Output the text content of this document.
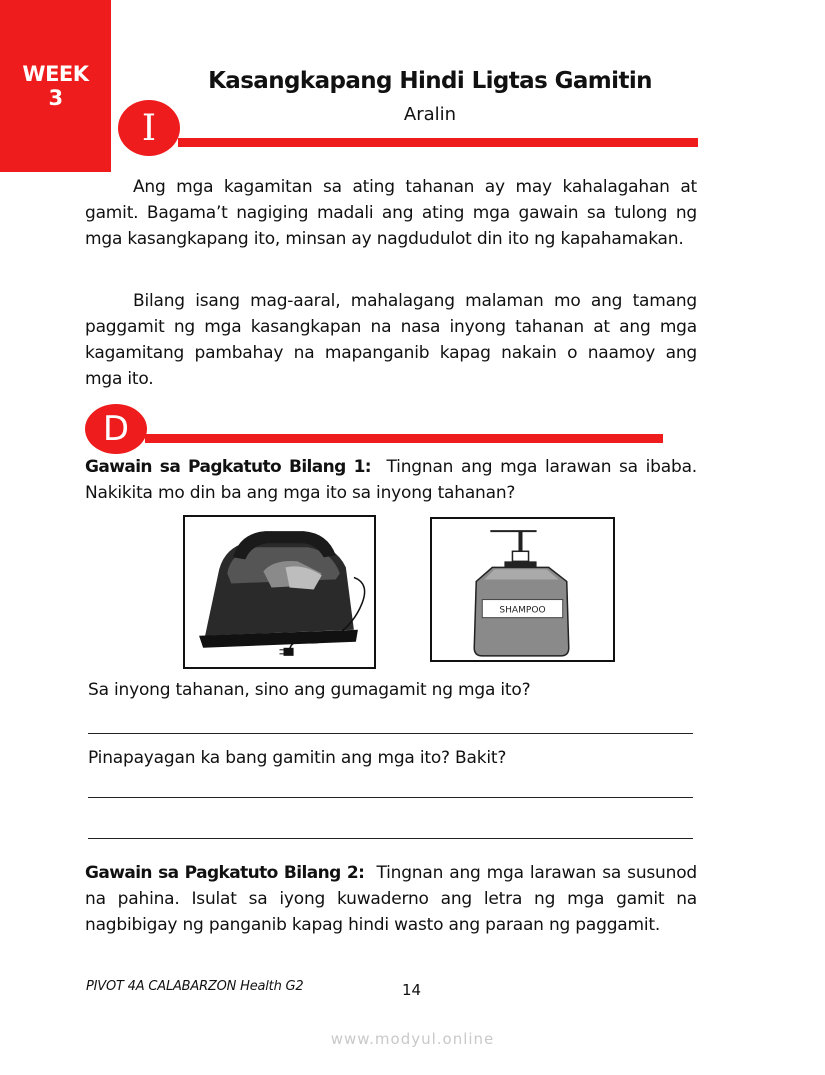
WEEK
3
Kasangkapang Hindi Ligtas Gamitin
Aralin
I

Ang mga kagamitan sa ating tahanan ay may kahalagahan at gamit. Bagama’t nagiging madali ang ating mga gawain sa tulong ng mga kasangkapang ito, minsan ay nagdudulot din ito ng kapahamakan.

Bilang isang mag-aaral, mahalagang malaman mo ang tamang paggamit ng mga kasangkapan na nasa inyong tahanan at ang mga kagamitang pambahay na mapanganib kapag nakain o naamoy ang mga ito.

D

Gawain sa Pagkatuto Bilang 1: Tingnan ang mga larawan sa ibaba. Nakikita mo din ba ang mga ito sa inyong tahanan?

SHAMPOO
Sa inyong tahanan, sino ang gumagamit ng mga ito?
Pinapayagan ka bang gamitin ang mga ito? Bakit?

Gawain sa Pagkatuto Bilang 2: Tingnan ang mga larawan sa susunod na pahina. Isulat sa iyong kuwaderno ang letra ng mga gamit na nagbibigay ng panganib kapag hindi wasto ang paraan ng paggamit.

PIVOT 4A CALABARZON Health G2	14
www.modyul.online
